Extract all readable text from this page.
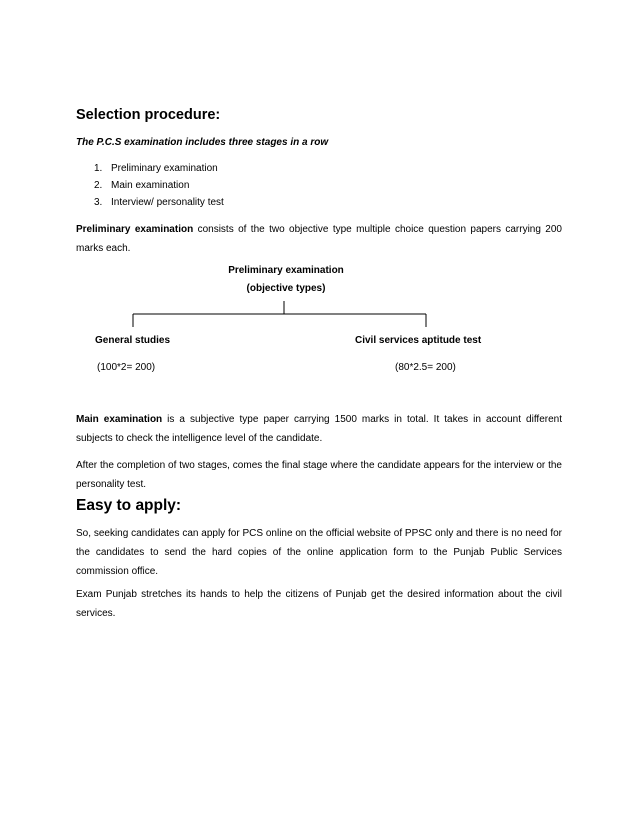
Selection procedure:

The P.C.S examination includes three stages in a row

1. Preliminary examination
2. Main examination
3. Interview/ personality test

Preliminary examination consists of the two objective type multiple choice question papers carrying 200 marks each.

Preliminary examination
(objective types)
General studies
(100*2= 200)
Civil services aptitude test
(80*2.5= 200)

Main examination is a subjective type paper carrying 1500 marks in total. It takes in account different subjects to check the intelligence level of the candidate.

After the completion of two stages, comes the final stage where the candidate appears for the interview or the personality test.

Easy to apply:

So, seeking candidates can apply for PCS online on the official website of PPSC only and there is no need for the candidates to send the hard copies of the online application form to the Punjab Public Services commission office.

Exam Punjab stretches its hands to help the citizens of Punjab get the desired information about the civil services.
